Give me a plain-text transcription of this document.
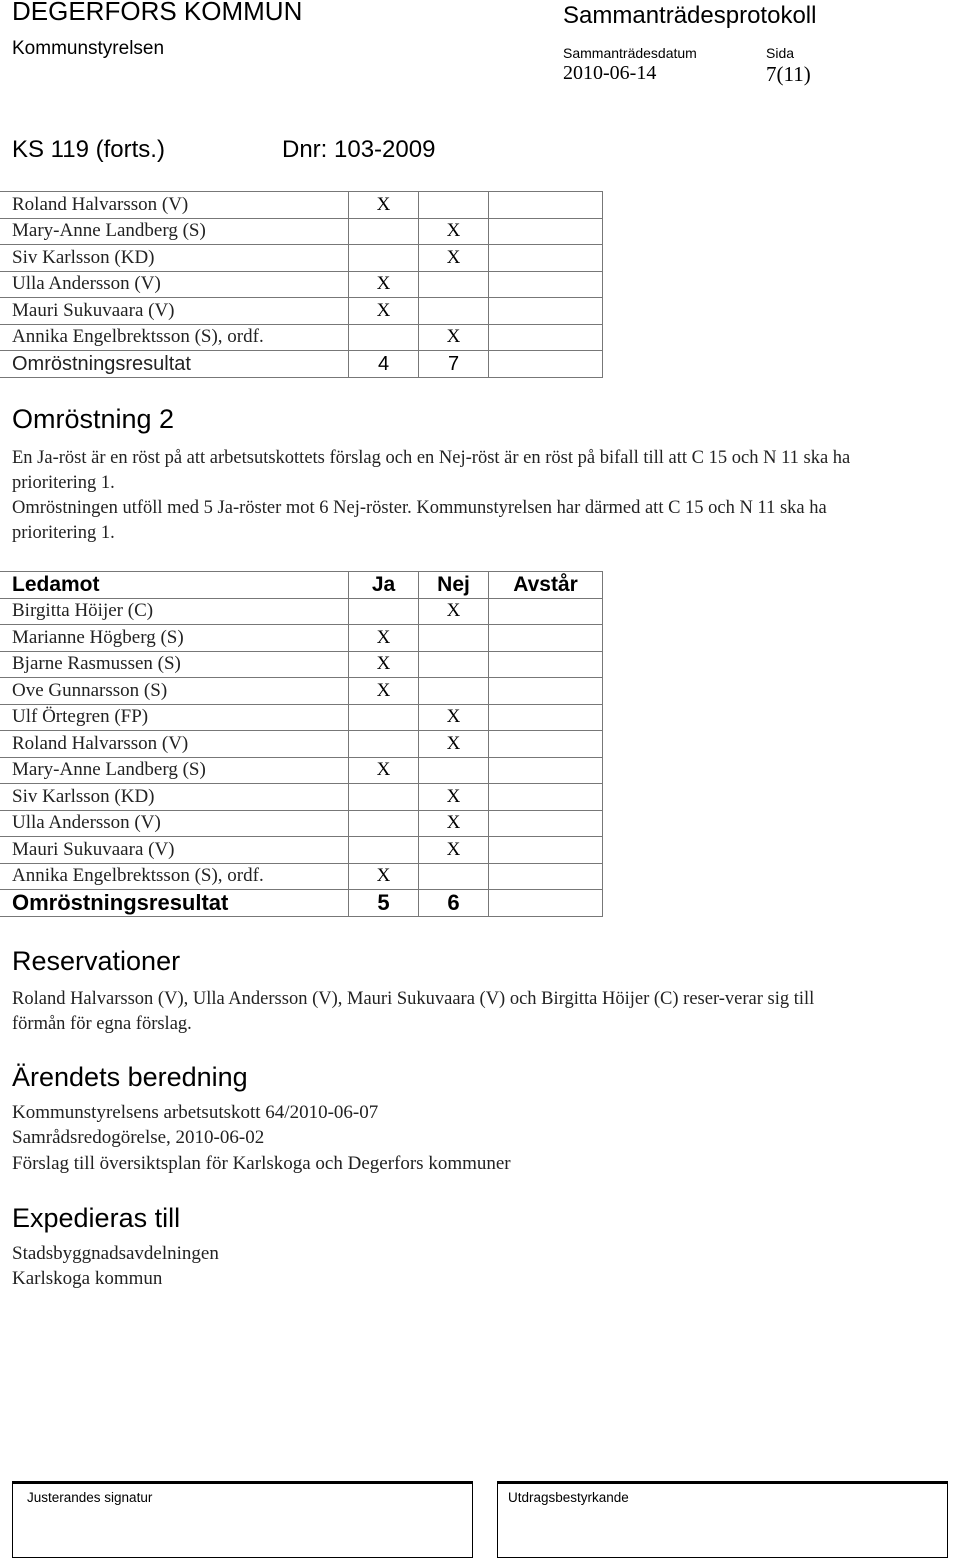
DEGERFORS KOMMUN
Kommunstyrelsen
Sammanträdesprotokoll
Sammanträdesdatum	Sida
2010-06-14	7(11)
KS 119 (forts.)	Dnr: 103-2009
Roland Halvarsson (V)	X		
Mary-Anne Landberg (S)		X	
Siv Karlsson (KD)		X	
Ulla Andersson (V)	X		
Mauri Sukuvaara (V)	X		
Annika Engelbrektsson (S), ordf.		X	
Omröstningsresultat	4	7	
Omröstning 2
En Ja-röst är en röst på att arbetsutskottets förslag och en Nej-röst är en röst på bifall till att C 15 och N 11 ska ha prioritering 1.
Omröstningen utföll med 5 Ja-röster mot 6 Nej-röster. Kommunstyrelsen har därmed att C 15 och N 11 ska ha prioritering 1.
Ledamot	Ja	Nej	Avstår
Birgitta Höijer (C)		X	
Marianne Högberg (S)	X		
Bjarne Rasmussen (S)	X		
Ove Gunnarsson (S)	X		
Ulf Örtegren (FP)		X	
Roland Halvarsson (V)		X	
Mary-Anne Landberg (S)	X		
Siv Karlsson (KD)		X	
Ulla Andersson (V)		X	
Mauri Sukuvaara (V)		X	
Annika Engelbrektsson (S), ordf.	X		
Omröstningsresultat	5	6	
Reservationer
Roland Halvarsson (V), Ulla Andersson (V), Mauri Sukuvaara (V) och Birgitta Höijer (C) reser-verar sig till förmån för egna förslag.
Ärendets beredning
Kommunstyrelsens arbetsutskott 64/2010-06-07
Samrådsredogörelse, 2010-06-02
Förslag till översiktsplan för Karlskoga och Degerfors kommuner
Expedieras till
Stadsbyggnadsavdelningen
Karlskoga kommun
Justerandes signatur	Utdragsbestyrkande
